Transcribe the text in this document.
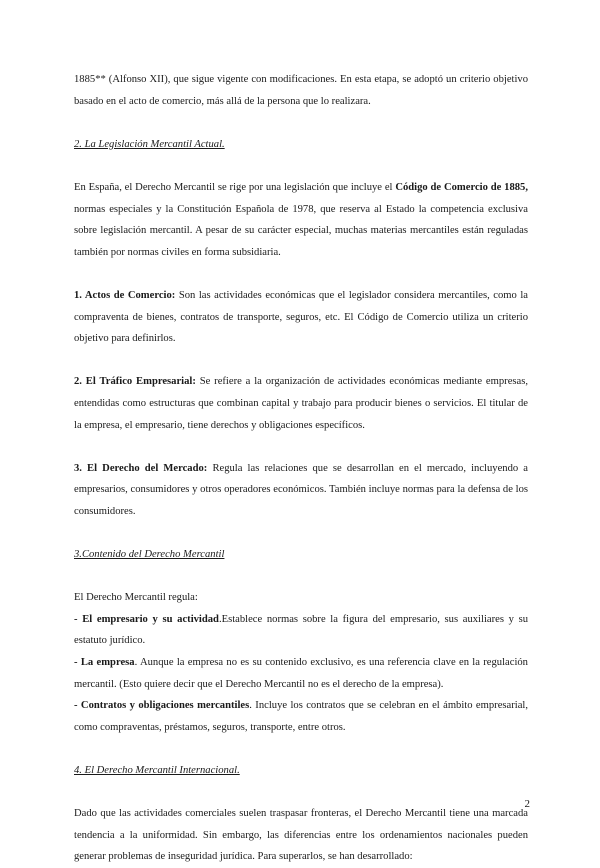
1885** (Alfonso XII), que sigue vigente con modificaciones. En esta etapa, se adoptó un criterio objetivo basado en el acto de comercio, más allá de la persona que lo realizara.

2. La Legislación Mercantil Actual.

En España, el Derecho Mercantil se rige por una legislación que incluye el Código de Comercio de 1885, normas especiales y la Constitución Española de 1978, que reserva al Estado la competencia exclusiva sobre legislación mercantil. A pesar de su carácter especial, muchas materias mercantiles están reguladas también por normas civiles en forma subsidiaria.

1. Actos de Comercio: Son las actividades económicas que el legislador considera mercantiles, como la compraventa de bienes, contratos de transporte, seguros, etc. El Código de Comercio utiliza un criterio objetivo para definirlos.

2. El Tráfico Empresarial: Se refiere a la organización de actividades económicas mediante empresas, entendidas como estructuras que combinan capital y trabajo para producir bienes o servicios. El titular de la empresa, el empresario, tiene derechos y obligaciones específicos.

3. El Derecho del Mercado: Regula las relaciones que se desarrollan en el mercado, incluyendo a empresarios, consumidores y otros operadores económicos. También incluye normas para la defensa de los consumidores.

3.Contenido del Derecho Mercantil

El Derecho Mercantil regula:

- El empresario y su actividad.Establece normas sobre la figura del empresario, sus auxiliares y su estatuto jurídico.

- La empresa. Aunque la empresa no es su contenido exclusivo, es una referencia clave en la regulación mercantil. (Esto quiere decir que el Derecho Mercantil no es el derecho de la empresa).

- Contratos y obligaciones mercantiles. Incluye los contratos que se celebran en el ámbito empresarial, como compraventas, préstamos, seguros, transporte, entre otros.

4. El Derecho Mercantil Internacional.

Dado que las actividades comerciales suelen traspasar fronteras, el Derecho Mercantil tiene una marcada tendencia a la uniformidad. Sin embargo, las diferencias entre los ordenamientos nacionales pueden generar problemas de inseguridad jurídica. Para superarlos, se han desarrollado:

2
